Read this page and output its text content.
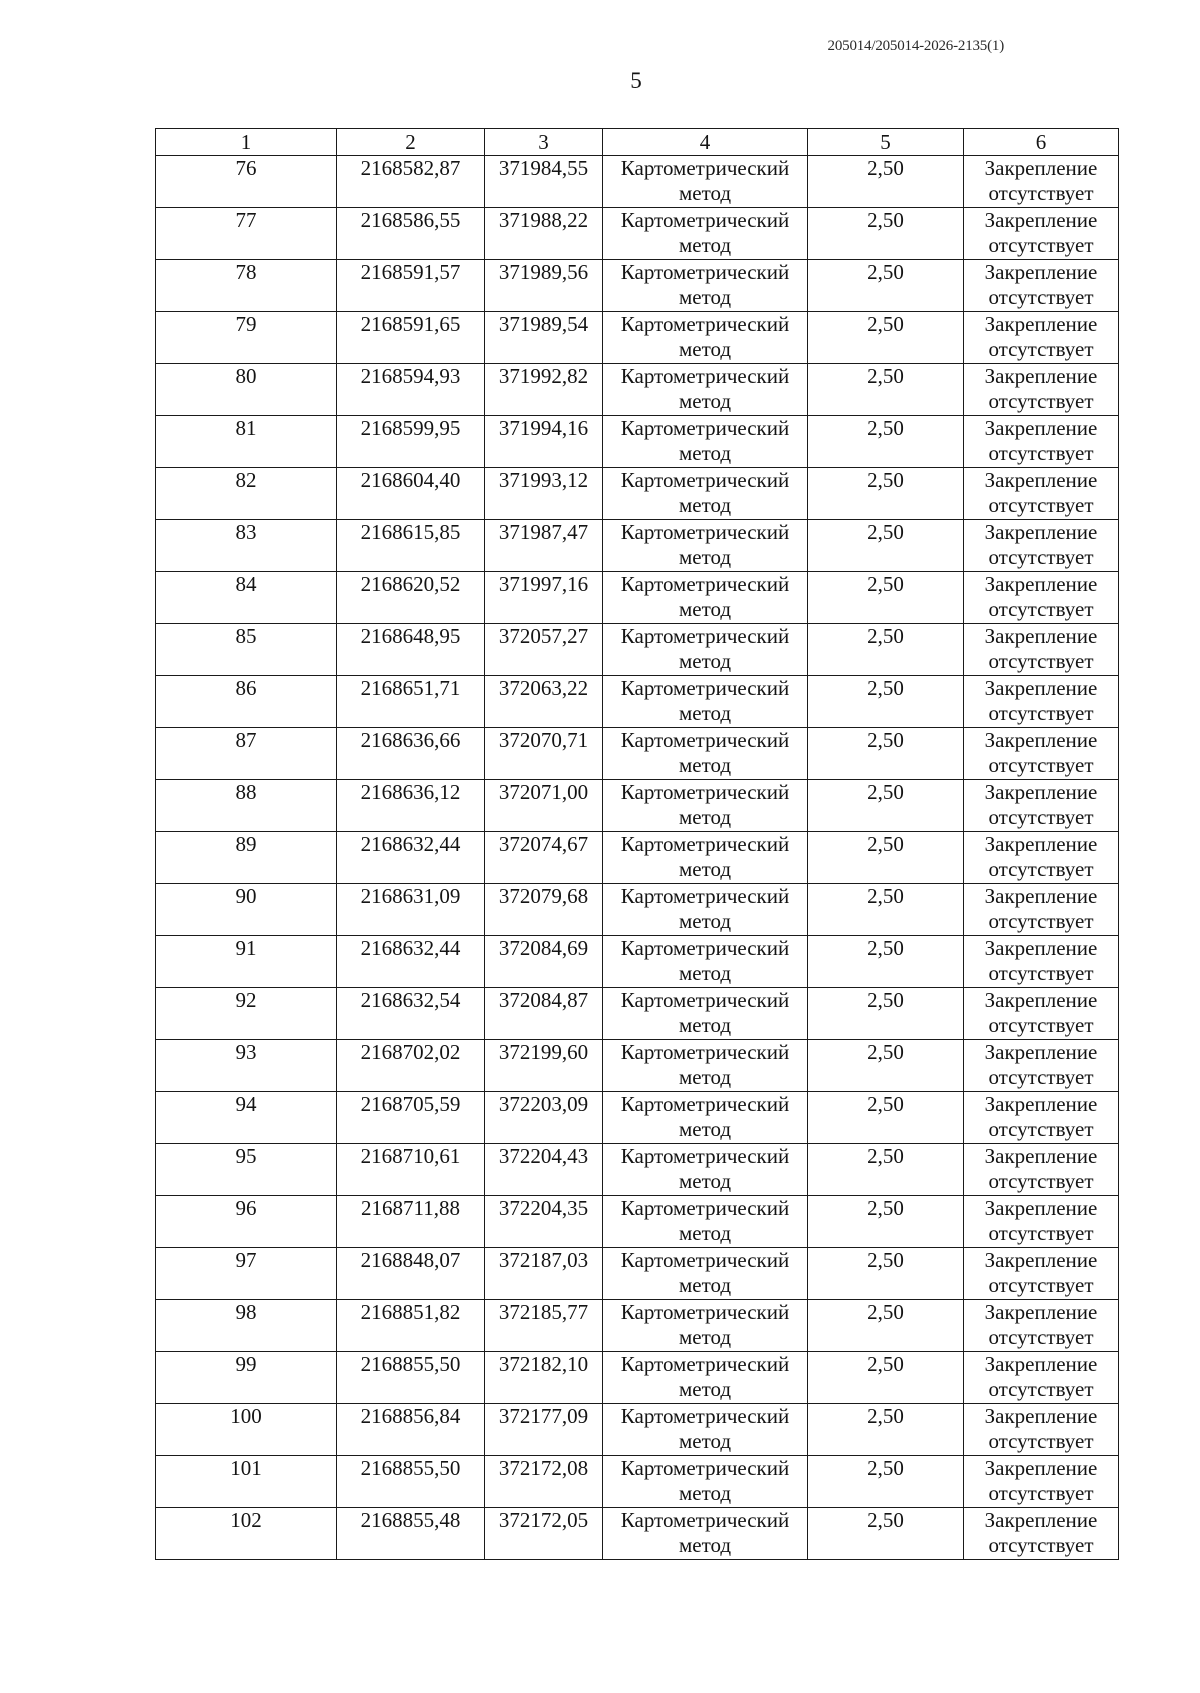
205014/205014-2026-2135(1)
5
1	2	3	4	5	6
76	2168582,87	371984,55	Картометрический метод	2,50	Закрепление отсутствует
77	2168586,55	371988,22	Картометрический метод	2,50	Закрепление отсутствует
78	2168591,57	371989,56	Картометрический метод	2,50	Закрепление отсутствует
79	2168591,65	371989,54	Картометрический метод	2,50	Закрепление отсутствует
80	2168594,93	371992,82	Картометрический метод	2,50	Закрепление отсутствует
81	2168599,95	371994,16	Картометрический метод	2,50	Закрепление отсутствует
82	2168604,40	371993,12	Картометрический метод	2,50	Закрепление отсутствует
83	2168615,85	371987,47	Картометрический метод	2,50	Закрепление отсутствует
84	2168620,52	371997,16	Картометрический метод	2,50	Закрепление отсутствует
85	2168648,95	372057,27	Картометрический метод	2,50	Закрепление отсутствует
86	2168651,71	372063,22	Картометрический метод	2,50	Закрепление отсутствует
87	2168636,66	372070,71	Картометрический метод	2,50	Закрепление отсутствует
88	2168636,12	372071,00	Картометрический метод	2,50	Закрепление отсутствует
89	2168632,44	372074,67	Картометрический метод	2,50	Закрепление отсутствует
90	2168631,09	372079,68	Картометрический метод	2,50	Закрепление отсутствует
91	2168632,44	372084,69	Картометрический метод	2,50	Закрепление отсутствует
92	2168632,54	372084,87	Картометрический метод	2,50	Закрепление отсутствует
93	2168702,02	372199,60	Картометрический метод	2,50	Закрепление отсутствует
94	2168705,59	372203,09	Картометрический метод	2,50	Закрепление отсутствует
95	2168710,61	372204,43	Картометрический метод	2,50	Закрепление отсутствует
96	2168711,88	372204,35	Картометрический метод	2,50	Закрепление отсутствует
97	2168848,07	372187,03	Картометрический метод	2,50	Закрепление отсутствует
98	2168851,82	372185,77	Картометрический метод	2,50	Закрепление отсутствует
99	2168855,50	372182,10	Картометрический метод	2,50	Закрепление отсутствует
100	2168856,84	372177,09	Картометрический метод	2,50	Закрепление отсутствует
101	2168855,50	372172,08	Картометрический метод	2,50	Закрепление отсутствует
102	2168855,48	372172,05	Картометрический метод	2,50	Закрепление отсутствует
